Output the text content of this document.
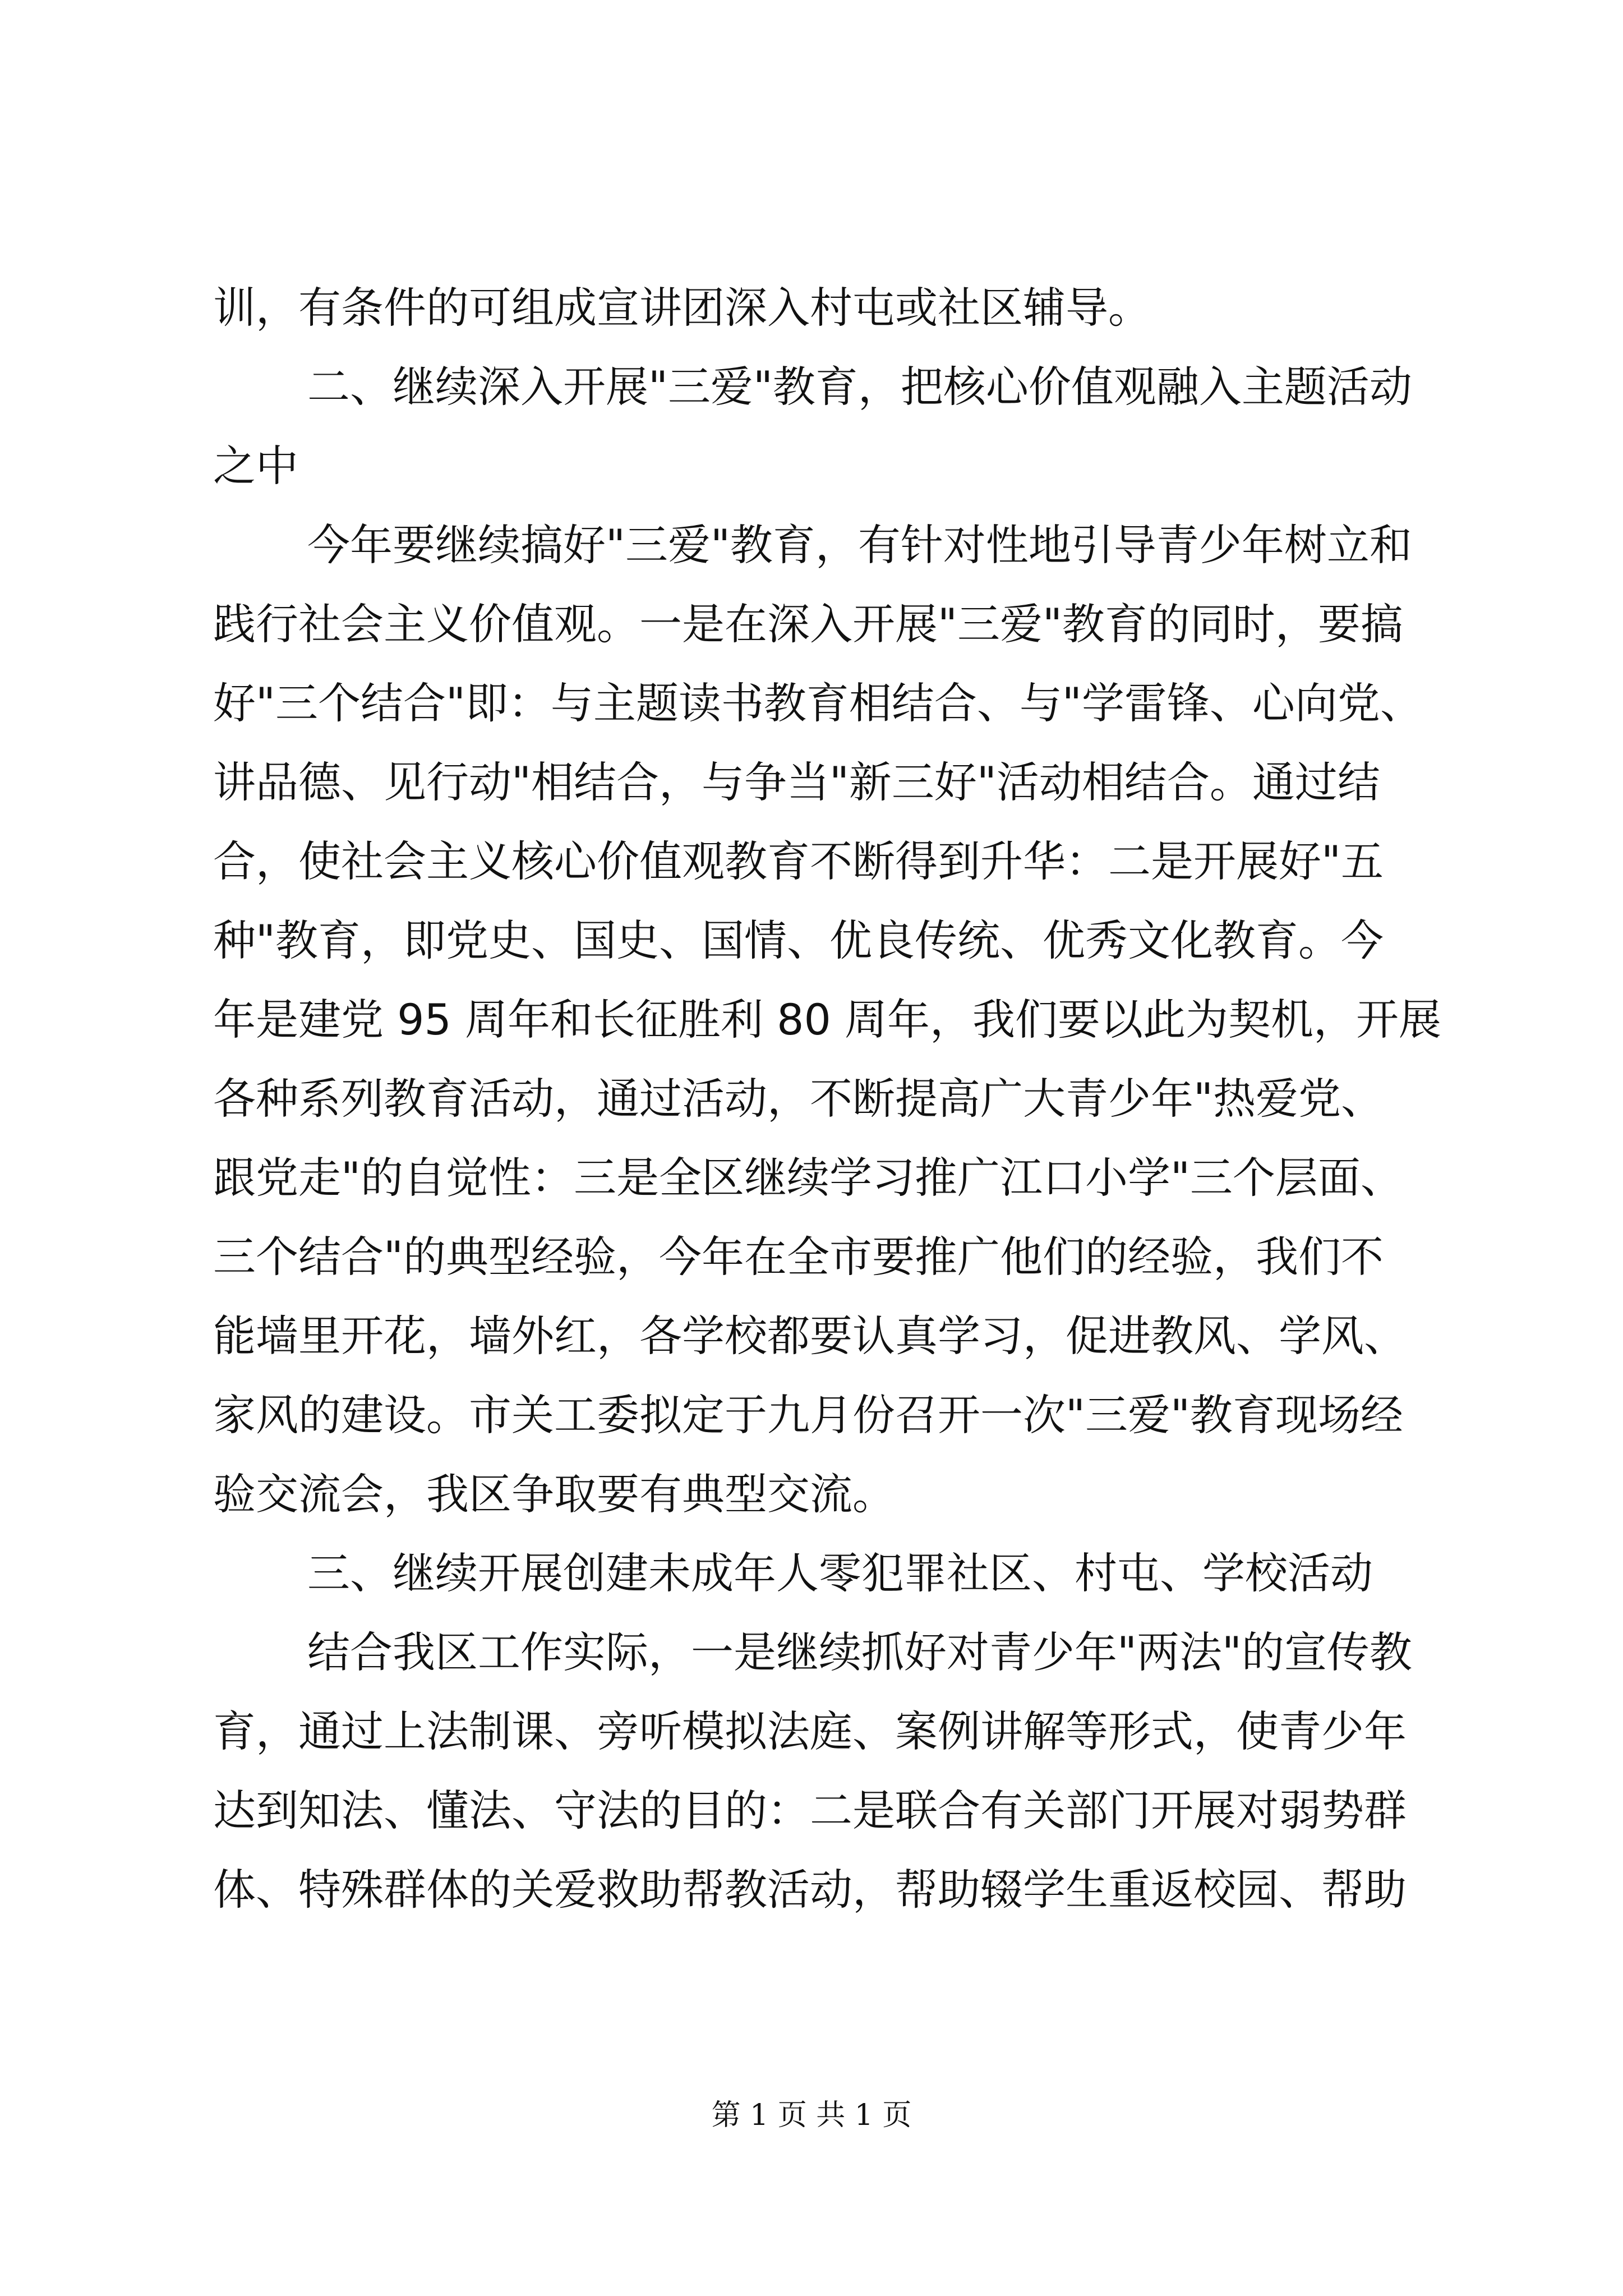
训，有条件的可组成宣讲团深入村屯或社区辅导。

二、继续深入开展"三爱"教育，把核心价值观融入主题活动

之中

今年要继续搞好"三爱"教育，有针对性地引导青少年树立和

践行社会主义价值观。一是在深入开展"三爱"教育的同时，要搞

好"三个结合"即：与主题读书教育相结合、与"学雷锋、心向党、

讲品德、见行动"相结合，与争当"新三好"活动相结合。通过结

合，使社会主义核心价值观教育不断得到升华：二是开展好"五

种"教育，即党史、国史、国情、优良传统、优秀文化教育。今

年是建党 95 周年和长征胜利 80 周年，我们要以此为契机，开展

各种系列教育活动，通过活动，不断提高广大青少年"热爱党、

跟党走"的自觉性：三是全区继续学习推广江口小学"三个层面、

三个结合"的典型经验，今年在全市要推广他们的经验，我们不

能墙里开花，墙外红，各学校都要认真学习，促进教风、学风、

家风的建设。市关工委拟定于九月份召开一次"三爱"教育现场经

验交流会，我区争取要有典型交流。

三、继续开展创建未成年人零犯罪社区、村屯、学校活动

结合我区工作实际，一是继续抓好对青少年"两法"的宣传教

育，通过上法制课、旁听模拟法庭、案例讲解等形式，使青少年

达到知法、懂法、守法的目的：二是联合有关部门开展对弱势群

体、特殊群体的关爱救助帮教活动，帮助辍学生重返校园、帮助

第 1 页 共 1 页
